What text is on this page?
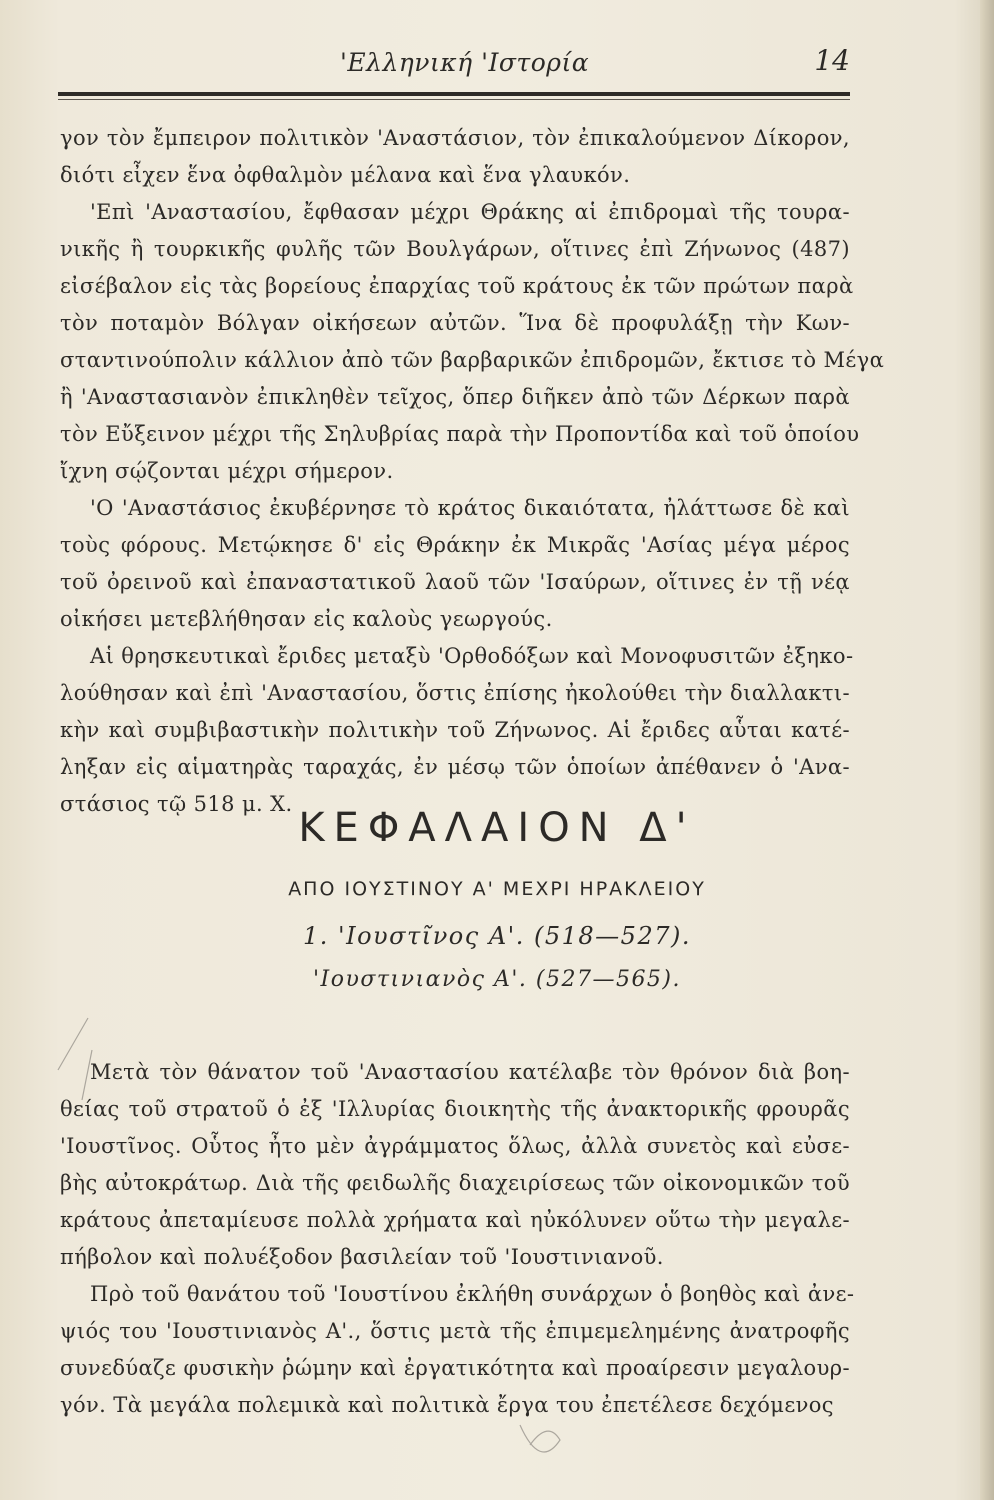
'Ελληνική 'Ιστορία	14
γον τὸν ἔμπειρον πολιτικὸν 'Αναστάσιον, τὸν ἐπικαλούμενον Δίκορον,
διότι εἶχεν ἕνα ὀφθαλμὸν μέλανα καὶ ἕνα γλαυκόν.
'Επὶ 'Αναστασίου, ἔφθασαν μέχρι Θράκης αἱ ἐπιδρομαὶ τῆς τουρα-
νικῆς ἢ τουρκικῆς φυλῆς τῶν Βουλγάρων, οἵτινες ἐπὶ Ζήνωνος (487)
εἰσέβαλον εἰς τὰς βορείους ἐπαρχίας τοῦ κράτους ἐκ τῶν πρώτων παρὰ
τὸν ποταμὸν Βόλγαν οἰκήσεων αὐτῶν. Ἵνα δὲ προφυλάξῃ τὴν Κων-
σταντινούπολιν κάλλιον ἀπὸ τῶν βαρβαρικῶν ἐπιδρομῶν, ἔκτισε τὸ Μέγα
ἢ 'Αναστασιανὸν ἐπικληθὲν τεῖχος, ὅπερ διῆκεν ἀπὸ τῶν Δέρκων παρὰ
τὸν Εὔξεινον μέχρι τῆς Σηλυβρίας παρὰ τὴν Προποντίδα καὶ τοῦ ὁποίου
ἴχνη σῴζονται μέχρι σήμερον.
'Ο 'Αναστάσιος ἐκυβέρνησε τὸ κράτος δικαιότατα, ἠλάττωσε δὲ καὶ
τοὺς φόρους. Μετῴκησε δ' εἰς Θράκην ἐκ Μικρᾶς 'Ασίας μέγα μέρος
τοῦ ὀρεινοῦ καὶ ἐπαναστατικοῦ λαοῦ τῶν 'Ισαύρων, οἵτινες ἐν τῇ νέᾳ
οἰκήσει μετεβλήθησαν εἰς καλοὺς γεωργούς.
Αἱ θρησκευτικαὶ ἔριδες μεταξὺ 'Ορθοδόξων καὶ Μονοφυσιτῶν ἐξηκο-
λούθησαν καὶ ἐπὶ 'Αναστασίου, ὅστις ἐπίσης ἠκολούθει τὴν διαλλακτι-
κὴν καὶ συμβιβαστικὴν πολιτικὴν τοῦ Ζήνωνος. Αἱ ἔριδες αὗται κατέ-
ληξαν εἰς αἱματηρὰς ταραχάς, ἐν μέσῳ τῶν ὁποίων ἀπέθανεν ὁ 'Ανα-
στάσιος τῷ 518 μ. Χ.
ΚΕΦΑΛΑΙΟΝ Δ'
ΑΠΟ ΙΟΥΣΤΙΝΟΥ Α' ΜΕΧΡΙ ΗΡΑΚΛΕΙΟΥ
1. 'Ιουστῖνος Α'. (518—527).
'Ιουστινιανὸς Α'. (527—565).
Μετὰ τὸν θάνατον τοῦ 'Αναστασίου κατέλαβε τὸν θρόνον διὰ βοη-
θείας τοῦ στρατοῦ ὁ ἐξ 'Ιλλυρίας διοικητὴς τῆς ἀνακτορικῆς φρουρᾶς
'Ιουστῖνος. Οὗτος ἦτο μὲν ἀγράμματος ὅλως, ἀλλὰ συνετὸς καὶ εὐσε-
βὴς αὐτοκράτωρ. Διὰ τῆς φειδωλῆς διαχειρίσεως τῶν οἰκονομικῶν τοῦ
κράτους ἀπεταμίευσε πολλὰ χρήματα καὶ ηὐκόλυνεν οὕτω τὴν μεγαλε-
πήβολον καὶ πολυέξοδον βασιλείαν τοῦ 'Ιουστινιανοῦ.
Πρὸ τοῦ θανάτου τοῦ 'Ιουστίνου ἐκλήθη συνάρχων ὁ βοηθὸς καὶ ἀνε-
ψιός του 'Ιουστινιανὸς Α'., ὅστις μετὰ τῆς ἐπιμεμελημένης ἀνατροφῆς
συνεδύαζε φυσικὴν ῥώμην καὶ ἐργατικότητα καὶ προαίρεσιν μεγαλουρ-
γόν. Τὰ μεγάλα πολεμικὰ καὶ πολιτικὰ ἔργα του ἐπετέλεσε δεχόμενος
